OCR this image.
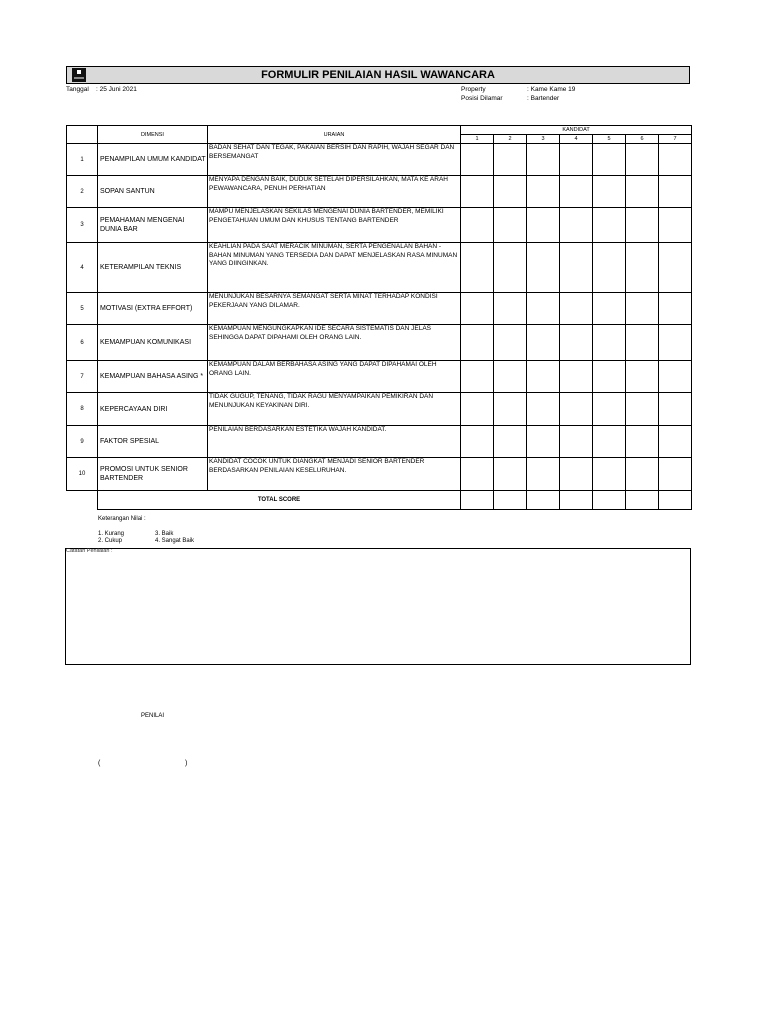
FORMULIR PENILAIAN HASIL WAWANCARA
Tanggal : 25 Juni 2021	Property	: Kame Kame 19
Posisi Dilamar	: Bartender
	DIMENSI	URAIAN	KANDIDAT						
			1	2	3	4	5	6	7
1	PENAMPILAN UMUM KANDIDAT	BADAN SEHAT DAN TEGAK, PAKAIAN BERSIH DAN RAPIH, WAJAH SEGAR DAN BERSEMANGAT							
2	SOPAN SANTUN	MENYAPA DENGAN BAIK, DUDUK SETELAH DIPERSILAHKAN, MATA KE ARAH PEWAWANCARA, PENUH PERHATIAN							
3	PEMAHAMAN MENGENAI DUNIA BAR	MAMPU MENJELASKAN SEKILAS MENGENAI DUNIA BARTENDER, MEMILIKI PENGETAHUAN UMUM DAN KHUSUS TENTANG BARTENDER							
4	KETERAMPILAN TEKNIS	KEAHLIAN PADA SAAT MERACIK MINUMAN, SERTA PENGENALAN BAHAN - BAHAN MINUMAN YANG TERSEDIA DAN DAPAT MENJELASKAN RASA MINUMAN YANG DIINGINKAN.							
5	MOTIVASI (EXTRA EFFORT)	MENUNJUKAN BESARNYA SEMANGAT SERTA MINAT TERHADAP KONDISI PEKERJAAN YANG DILAMAR.							
6	KEMAMPUAN KOMUNIKASI	KEMAMPUAN MENGUNGKAPKAN IDE SECARA SISTEMATIS DAN JELAS SEHINGGA DAPAT DIPAHAMI OLEH ORANG LAIN.							
7	KEMAMPUAN BAHASA ASING *	KEMAMPUAN DALAM BERBAHASA ASING YANG DAPAT DIPAHAMAI OLEH ORANG LAIN.							
8	KEPERCAYAAN DIRI	TIDAK GUGUP, TENANG, TIDAK RAGU MENYAMPAIKAN PEMIKIRAN DAN MENUNJUKAN KEYAKINAN DIRI.							
9	FAKTOR SPESIAL	PENILAIAN BERDASARKAN ESTETIKA WAJAH KANDIDAT.							
10	PROMOSI UNTUK SENIOR BARTENDER	KANDIDAT COCOK UNTUK DIANGKAT MENJADI SENIOR BARTENDER BERDASARKAN PENILAIAN KESELURUHAN.							
	TOTAL SCORE								
Keterangan Nilai :
1. Kurang
2. Cukup
3. Baik
4. Sangat Baik
Catatan Penilaian :
PENILAI
(	)
